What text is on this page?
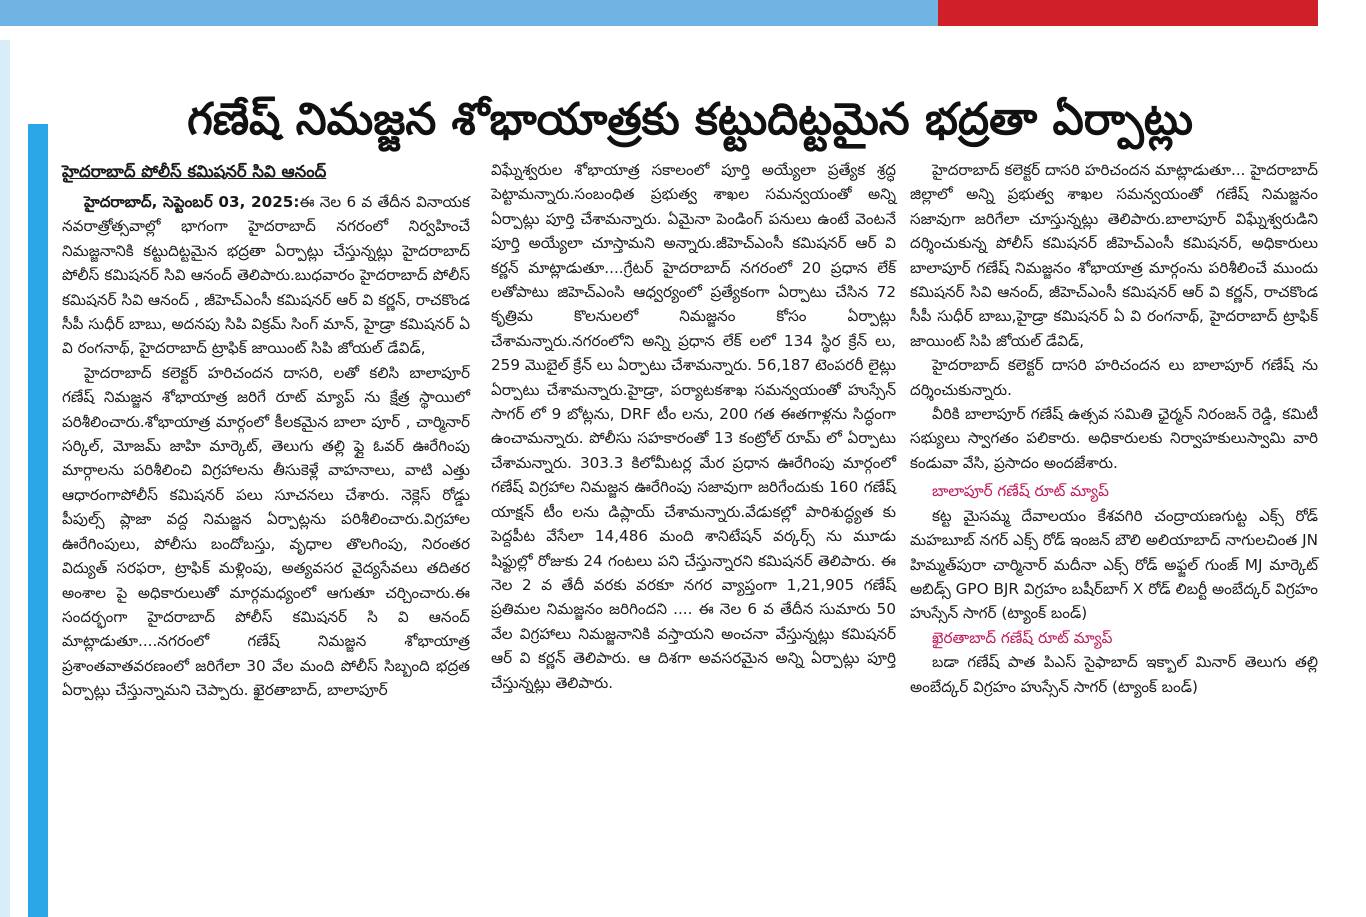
గణేష్ నిమజ్జన శోభాయాత్రకు కట్టుదిట్టమైన భద్రతా ఏర్పాట్లు

హైదరాబాద్ పోలీస్ కమిషనర్ సివి ఆనంద్

హైదరాబాద్, సెప్టెంబర్ 03, 2025:ఈ నెల 6 వ తేదీన వినాయక నవరాత్రోత్సవాల్లో భాగంగా హైదరాబాద్ నగరంలో నిర్వహించే నిమజ్జనానికి కట్టుదిట్టమైన భద్రతా ఏర్పాట్లు చేస్తున్నట్లు హైదరాబాద్ పోలీస్ కమిషనర్ సివి ఆనంద్ తెలిపారు.బుధవారం హైదరాబాద్ పోలీస్ కమిషనర్ సివి ఆనంద్ , జీహెచ్ఎంసీ కమిషనర్ ఆర్ వి కర్ణన్, రాచకొండ సీపీ సుధీర్ బాబు, అదనపు సిపి విక్రమ్ సింగ్ మాన్, హైడ్రా కమిషనర్ ఏ వి రంగనాథ్, హైదరాబాద్ ట్రాఫిక్ జాయింట్ సిపి జోయల్ డేవిడ్,

హైదరాబాద్ కలెక్టర్ హరిచందన దాసరి, లతో కలిసి బాలాపూర్ గణేష్ నిమజ్జన శోభాయాత్ర జరిగే రూట్ మ్యాప్ ను క్షేత్ర స్థాయిలో పరిశీలించారు.శోభాయాత్ర మార్గంలో కీలకమైన బాలా పూర్ , చార్మినార్ సర్కిల్, మోజమ్ జాహి మార్కెట్, తెలుగు తల్లి ఫ్లై ఓవర్ ఊరేగింపు మార్గాలను పరిశీలించి విగ్రహాలను తీసుకెళ్లే వాహనాలు, వాటి ఎత్తు ఆధారంగాపోలీస్ కమిషనర్ పలు సూచనలు చేశారు. నెక్లెస్ రోడ్డు పీపుల్స్ ప్లాజా వద్ద నిమజ్జన ఏర్పాట్లను పరిశీలించారు.విగ్రహాల ఊరేగింపులు, పోలీసు బందోబస్తు, వృధాల తొలగింపు, నిరంతర విద్యుత్ సరఫరా, ట్రాఫిక్ మళ్లింపు, అత్యవసర వైద్యసేవలు తదితర అంశాల పై అధికారులుతో మార్గమధ్యంలో ఆగుతూ చర్చించారు.ఈ సందర్భంగా హైదరాబాద్ పోలీస్ కమిషనర్ సి వి ఆనంద్ మాట్లాడుతూ....నగరంలో గణేష్ నిమజ్జన శోభాయాత్ర ప్రశాంతవాతవరణంలో జరిగేలా 30 వేల మంది పోలీస్ సిబ్బంది భద్రత ఏర్పాట్లు చేస్తున్నామని చెప్పారు. ఖైరతాబాద్, బాలాపూర్

విఘ్నేశ్వరుల శోభాయాత్ర సకాలంలో పూర్తి అయ్యేలా ప్రత్యేక శ్రద్ధ పెట్టామన్నారు.సంబంధిత ప్రభుత్వ శాఖల సమన్వయంతో అన్ని ఏర్పాట్లు పూర్తి చేశామన్నారు. ఏమైనా పెండింగ్ పనులు ఉంటే వెంటనే పూర్తి అయ్యేలా చూస్తామని అన్నారు.జీహెచ్ఎంసీ కమిషనర్ ఆర్ వి కర్ణన్ మాట్లాడుతూ....గ్రేటర్ హైదరాబాద్ నగరంలో 20 ప్రధాన లేక్ లతోపాటు జిహెచ్ఎంసి ఆధ్వర్యంలో ప్రత్యేకంగా ఏర్పాటు చేసిన 72 కృత్రిమ కొలనులలో నిమజ్జనం కోసం ఏర్పాట్లు చేశామన్నారు.నగరంలోని అన్ని ప్రధాన లేక్ లలో 134 స్థిర క్రేన్ లు, 259 మొబైల్ క్రేన్ లు ఏర్పాటు చేశామన్నారు. 56,187 టెంపరరీ లైట్లు ఏర్పాటు చేశామన్నారు.హైడ్రా, పర్యాటకశాఖ సమన్వయంతో హుస్సేన్ సాగర్ లో 9 బోట్లను, DRF టీం లను, 200 గత ఈతగాళ్లను సిద్ధంగా ఉంచామన్నారు. పోలీసు సహకారంతో 13 కంట్రోల్ రూమ్ లో ఏర్పాటు చేశామన్నారు. 303.3 కిలోమీటర్ల మేర ప్రధాన ఊరేగింపు మార్గంలో గణేష్ విగ్రహాల నిమజ్జన ఊరేగింపు సజావుగా జరిగేందుకు 160 గణేష్ యాక్షన్ టీం లను డిప్లాయ్ చేశామన్నారు.వేడుకల్లో పారిశుద్ధ్యత కు పెద్దపీట వేసేలా 14,486 మంది శానిటేషన్ వర్కర్స్ ను మూడు షిఫ్టుల్లో రోజుకు 24 గంటలు పని చేస్తున్నారని కమిషనర్ తెలిపారు. ఈ నెల 2 వ తేదీ వరకు వరకూ నగర వ్యాప్తంగా 1,21,905 గణేష్ ప్రతిమల నిమజ్జనం జరిగిందని .... ఈ నెల 6 వ తేదీన సుమారు 50 వేల విగ్రహాలు నిమజ్జనానికి వస్తాయని అంచనా వేస్తున్నట్లు కమిషనర్ ఆర్ వి కర్ణన్ తెలిపారు. ఆ దిశగా అవసరమైన అన్ని ఏర్పాట్లు పూర్తి చేస్తున్నట్లు తెలిపారు.

హైదరాబాద్ కలెక్టర్ దాసరి హరిచందన మాట్లాడుతూ... హైదరాబాద్ జిల్లాలో అన్ని ప్రభుత్వ శాఖల సమన్వయంతో గణేష్ నిమజ్జనం సజావుగా జరిగేలా చూస్తున్నట్లు తెలిపారు.బాలాపూర్ విఘ్నేశ్వరుడిని దర్శించుకున్న పోలీస్ కమిషనర్ జీహెచ్ఎంసీ కమిషనర్, అధికారులు బాలాపూర్ గణేష్ నిమజ్జనం శోభాయాత్ర మార్గంను పరిశీలించే ముందు కమిషనర్ సివి ఆనంద్, జీహెచ్ఎంసీ కమిషనర్ ఆర్ వి కర్ణన్, రాచకొండ సీపీ సుధీర్ బాబు,హైడ్రా కమిషనర్ ఏ వి రంగనాథ్, హైదరాబాద్ ట్రాఫిక్ జాయింట్ సిపి జోయల్ డేవిడ్,

హైదరాబాద్ కలెక్టర్ దాసరి హరిచందన లు బాలాపూర్ గణేష్ ను దర్శించుకున్నారు.

వీరికి బాలాపూర్ గణేష్ ఉత్సవ సమితి ఛైర్మన్ నిరంజన్ రెడ్డి, కమిటీ సభ్యులు స్వాగతం పలికారు. అధికారులకు నిర్వాహకులుస్వామి వారి కండువా వేసి, ప్రసాదం అందజేశారు.

బాలాపూర్ గణేష్ రూట్ మ్యాప్

కట్ట మైసమ్మ దేవాలయం కేశవగిరి చంద్రాయణగుట్ట ఎక్స్ రోడ్ మహబూబ్ నగర్ ఎక్స్ రోడ్ ఇంజన్ బౌలి అలియాబాద్ నాగులచింత JN హిమ్మత్‌పురా చార్మినార్ మదీనా ఎక్స్ రోడ్ అఫ్జల్ గుంజ్ MJ మార్కెట్ అబిడ్స్ GPO BJR విగ్రహం బషీర్‌బాగ్ X రోడ్ లిబర్టీ అంబేద్కర్ విగ్రహం హుస్సేన్ సాగర్ (ట్యాంక్ బండ్)

ఖైరతాబాద్ గణేష్ రూట్ మ్యాప్

బడా గణేష్ పాత పిఎస్ సైఫాబాద్ ఇక్బాల్ మినార్ తెలుగు తల్లి అంబేద్కర్ విగ్రహం హుస్సేన్ సాగర్ (ట్యాంక్ బండ్)
